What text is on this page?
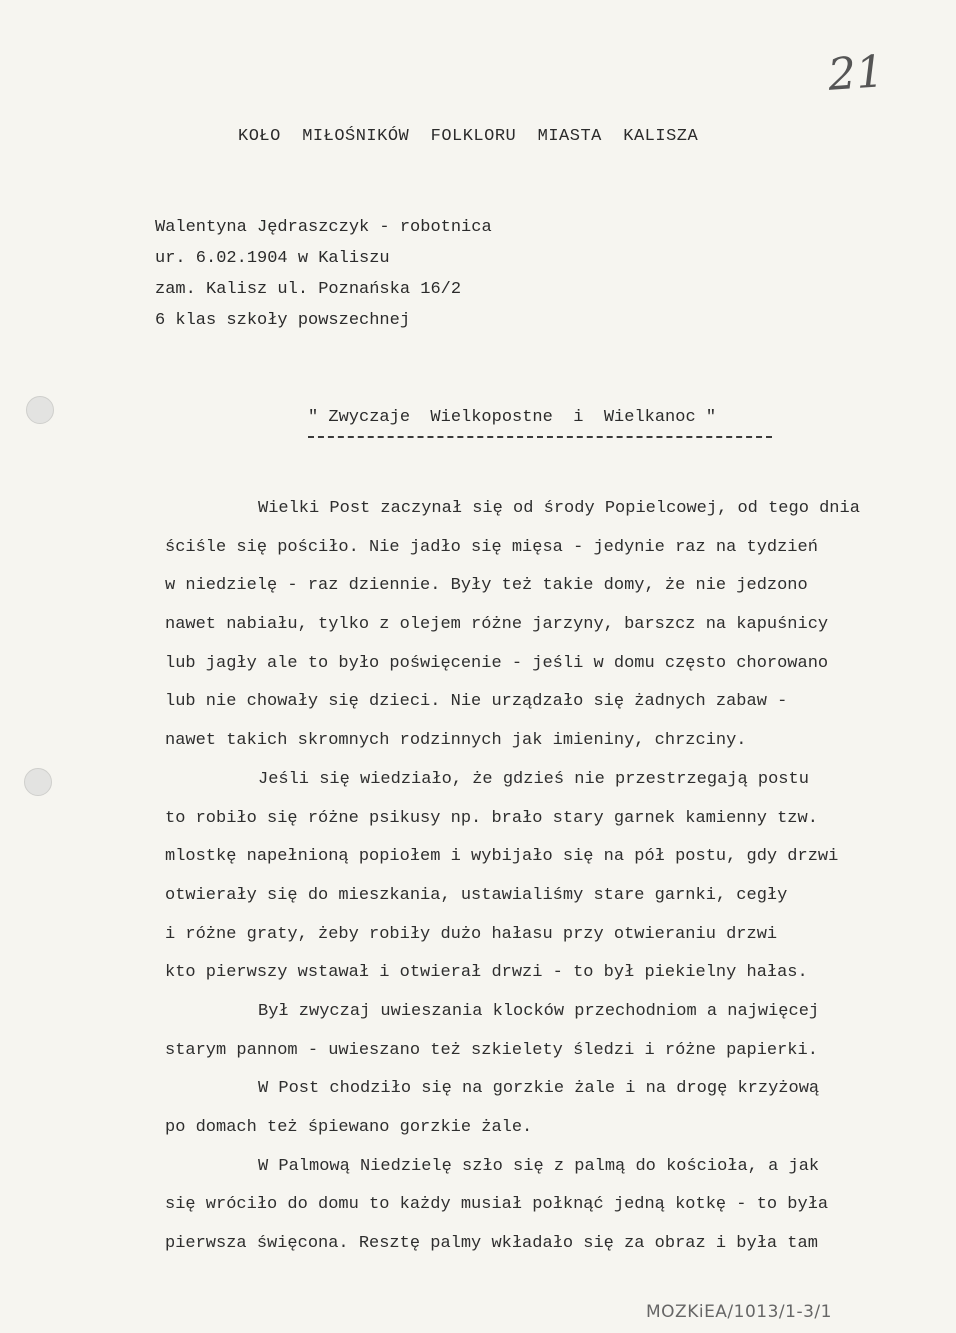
21
KOŁO  MIŁOŚNIKÓW  FOLKLORU  MIASTA  KALISZA
Walentyna Jędraszczyk - robotnica
ur. 6.02.1904 w Kaliszu
zam. Kalisz ul. Poznańska 16/2
6 klas szkoły powszechnej
" Zwyczaje  Wielkopostne  i  Wielkanoc "
Wielki Post zaczynał się od środy Popielcowej, od tego dnia
ściśle się pościło. Nie jadło się mięsa - jedynie raz na tydzień
w niedzielę - raz dziennie. Były też takie domy, że nie jedzono
nawet nabiału, tylko z olejem różne jarzyny, barszcz na kapuśnicy
lub jagły ale to było poświęcenie - jeśli w domu często chorowano
lub nie chowały się dzieci. Nie urządzało się żadnych zabaw -
nawet takich skromnych rodzinnych jak imieniny, chrzciny.
Jeśli się wiedziało, że gdzieś nie przestrzegają postu
to robiło się różne psikusy np. brało stary garnek kamienny tzw.
mlostkę napełnioną popiołem i wybijało się na pół postu, gdy drzwi
otwierały się do mieszkania, ustawialiśmy stare garnki, cegły
i różne graty, żeby robiły dużo hałasu przy otwieraniu drzwi
kto pierwszy wstawał i otwierał drwzi - to był piekielny hałas.
Był zwyczaj uwieszania klocków przechodniom a najwięcej
starym pannom - uwieszano też szkielety śledzi i różne papierki.
W Post chodziło się na gorzkie żale i na drogę krzyżową
po domach też śpiewano gorzkie żale.
W Palmową Niedzielę szło się z palmą do kościoła, a jak
się wróciło do domu to każdy musiał połknąć jedną kotkę - to była
pierwsza święcona. Resztę palmy wkładało się za obraz i była tam
MOZKiEA/1013/1-3/1
